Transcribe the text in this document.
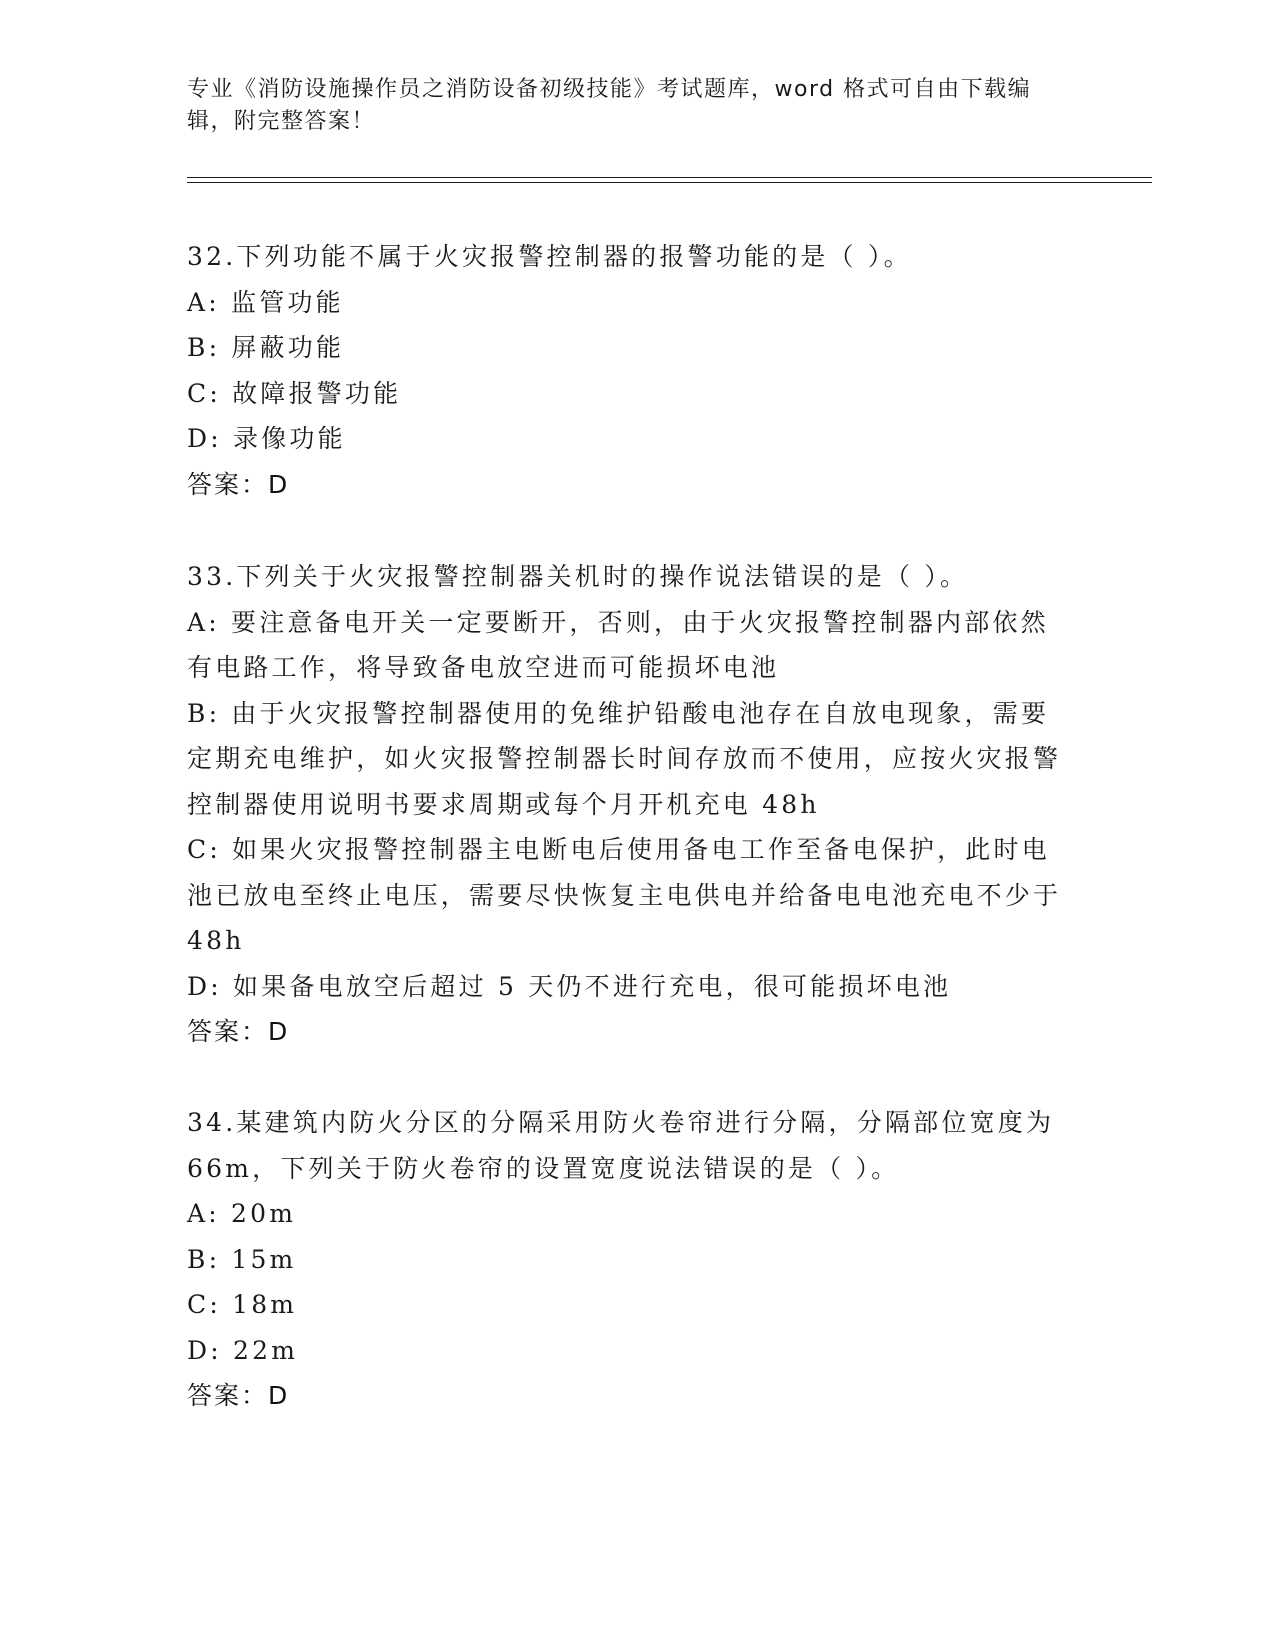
专业《消防设施操作员之消防设备初级技能》考试题库，word 格式可自由下载编辑，附完整答案！
32.下列功能不属于火灾报警控制器的报警功能的是（ ）。
A: 监管功能
B: 屏蔽功能
C: 故障报警功能
D: 录像功能
答案：D
33.下列关于火灾报警控制器关机时的操作说法错误的是（ ）。
A: 要注意备电开关一定要断开，否则，由于火灾报警控制器内部依然有电路工作，将导致备电放空进而可能损坏电池
B: 由于火灾报警控制器使用的免维护铅酸电池存在自放电现象，需要定期充电维护，如火灾报警控制器长时间存放而不使用，应按火灾报警控制器使用说明书要求周期或每个月开机充电 48h
C: 如果火灾报警控制器主电断电后使用备电工作至备电保护，此时电池已放电至终止电压，需要尽快恢复主电供电并给备电电池充电不少于 48h
D: 如果备电放空后超过 5 天仍不进行充电，很可能损坏电池
答案：D
34.某建筑内防火分区的分隔采用防火卷帘进行分隔，分隔部位宽度为 66m，下列关于防火卷帘的设置宽度说法错误的是（ ）。
A: 20m
B: 15m
C: 18m
D: 22m
答案：D
